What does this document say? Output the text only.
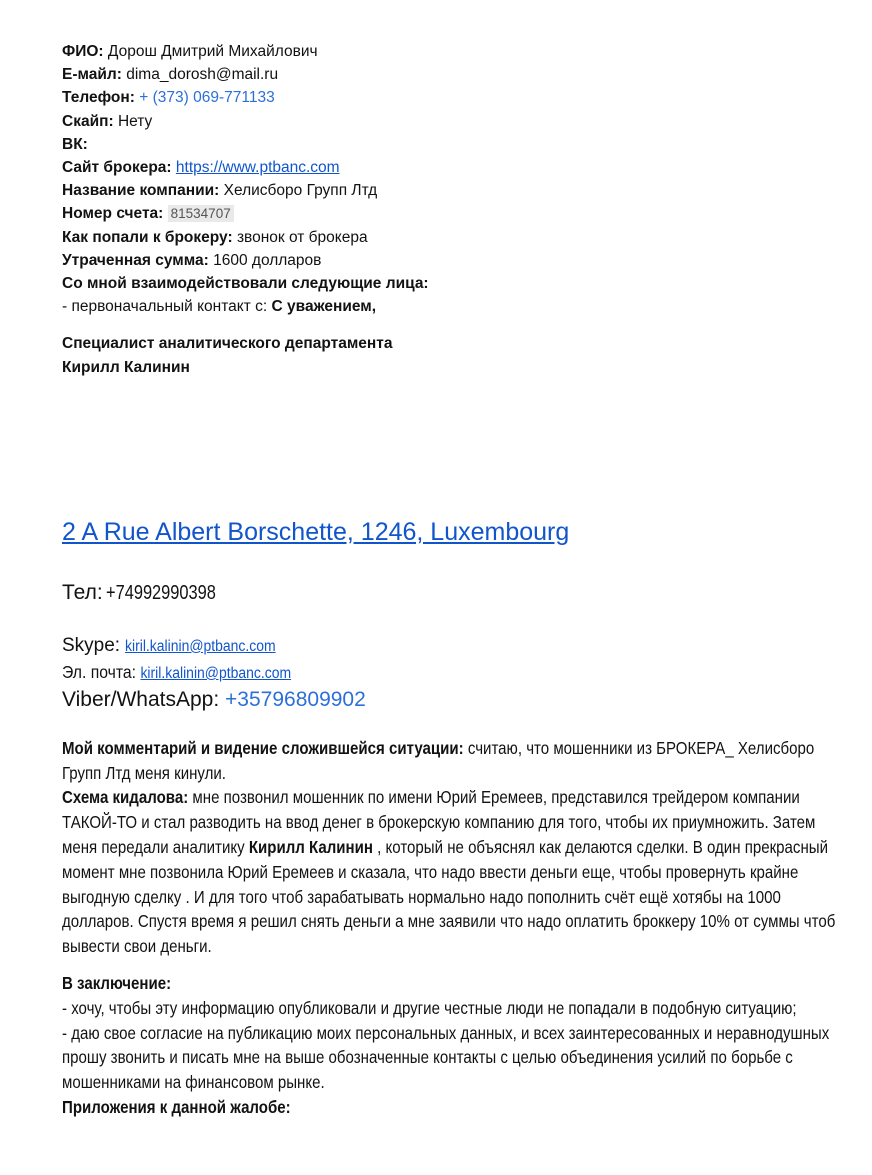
ФИО: Дорош Дмитрий Михайлович
Е-майл: dima_dorosh@mail.ru
Телефон: + (373) 069-771133
Скайп: Нету
ВК:
Сайт брокера: https://www.ptbanc.com
Название компании: Хелисборо Групп Лтд
Номер счета: 81534707
Как попали к брокеру: звонок от брокера
Утраченная сумма: 1600 долларов
Со мной взаимодействовали следующие лица:
- первоначальный контакт с: С уважением,
Специалист аналитического департамента
Кирилл Калинин
2 A Rue Albert Borschette, 1246, Luxembourg
Тел: +74992990398
Skype: kiril.kalinin@ptbanc.com
Эл. почта: kiril.kalinin@ptbanc.com
Viber/WhatsApp: +35796809902

Мой комментарий и видение сложившейся ситуации: считаю, что мошенники из БРОКЕРА_ Хелисборо Групп Лтд меня кинули.

Схема кидалова: мне позвонил мошенник по имени Юрий Еремеев, представился трейдером компании ТАКОЙ-ТО и стал разводить на ввод денег в брокерскую компанию для того, чтобы их приумножить. Затем меня передали аналитику Кирилл Калинин , который не объяснял как делаются сделки. В один прекрасный момент мне позвонила Юрий Еремеев и сказала, что надо ввести деньги еще, чтобы провернуть крайне выгодную сделку . И для того чтоб зарабатывать нормально надо пополнить счёт ещё хотябы на 1000 долларов. Спустя время я решил снять деньги а мне заявили что надо оплатить броккеру 10% от суммы чтоб вывести свои деньги.

В заключение:

- хочу, чтобы эту информацию опубликовали и другие честные люди не попадали в подобную ситуацию;

- даю свое согласие на публикацию моих персональных данных, и всех заинтересованных и неравнодушных прошу звонить и писать мне на выше обозначенные контакты с целью объединения усилий по борьбе с мошенниками на финансовом рынке.

Приложения к данной жалобе:
